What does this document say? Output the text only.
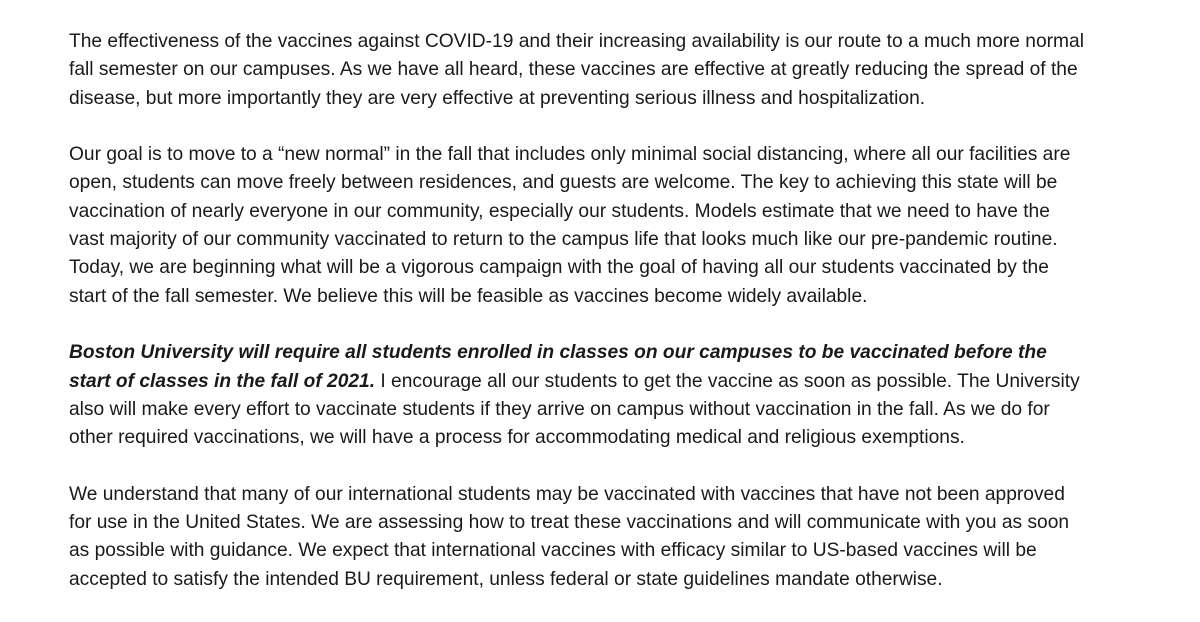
The effectiveness of the vaccines against COVID-19 and their increasing availability is our route to a much more normal
fall semester on our campuses. As we have all heard, these vaccines are effective at greatly reducing the spread of the
disease, but more importantly they are very effective at preventing serious illness and hospitalization.

Our goal is to move to a “new normal” in the fall that includes only minimal social distancing, where all our facilities are
open, students can move freely between residences, and guests are welcome. The key to achieving this state will be
vaccination of nearly everyone in our community, especially our students. Models estimate that we need to have the
vast majority of our community vaccinated to return to the campus life that looks much like our pre-pandemic routine.
Today, we are beginning what will be a vigorous campaign with the goal of having all our students vaccinated by the
start of the fall semester. We believe this will be feasible as vaccines become widely available.

Boston University will require all students enrolled in classes on our campuses to be vaccinated before the
start of classes in the fall of 2021. I encourage all our students to get the vaccine as soon as possible. The University
also will make every effort to vaccinate students if they arrive on campus without vaccination in the fall. As we do for
other required vaccinations, we will have a process for accommodating medical and religious exemptions.

We understand that many of our international students may be vaccinated with vaccines that have not been approved
for use in the United States. We are assessing how to treat these vaccinations and will communicate with you as soon
as possible with guidance. We expect that international vaccines with efficacy similar to US-based vaccines will be
accepted to satisfy the intended BU requirement, unless federal or state guidelines mandate otherwise.
